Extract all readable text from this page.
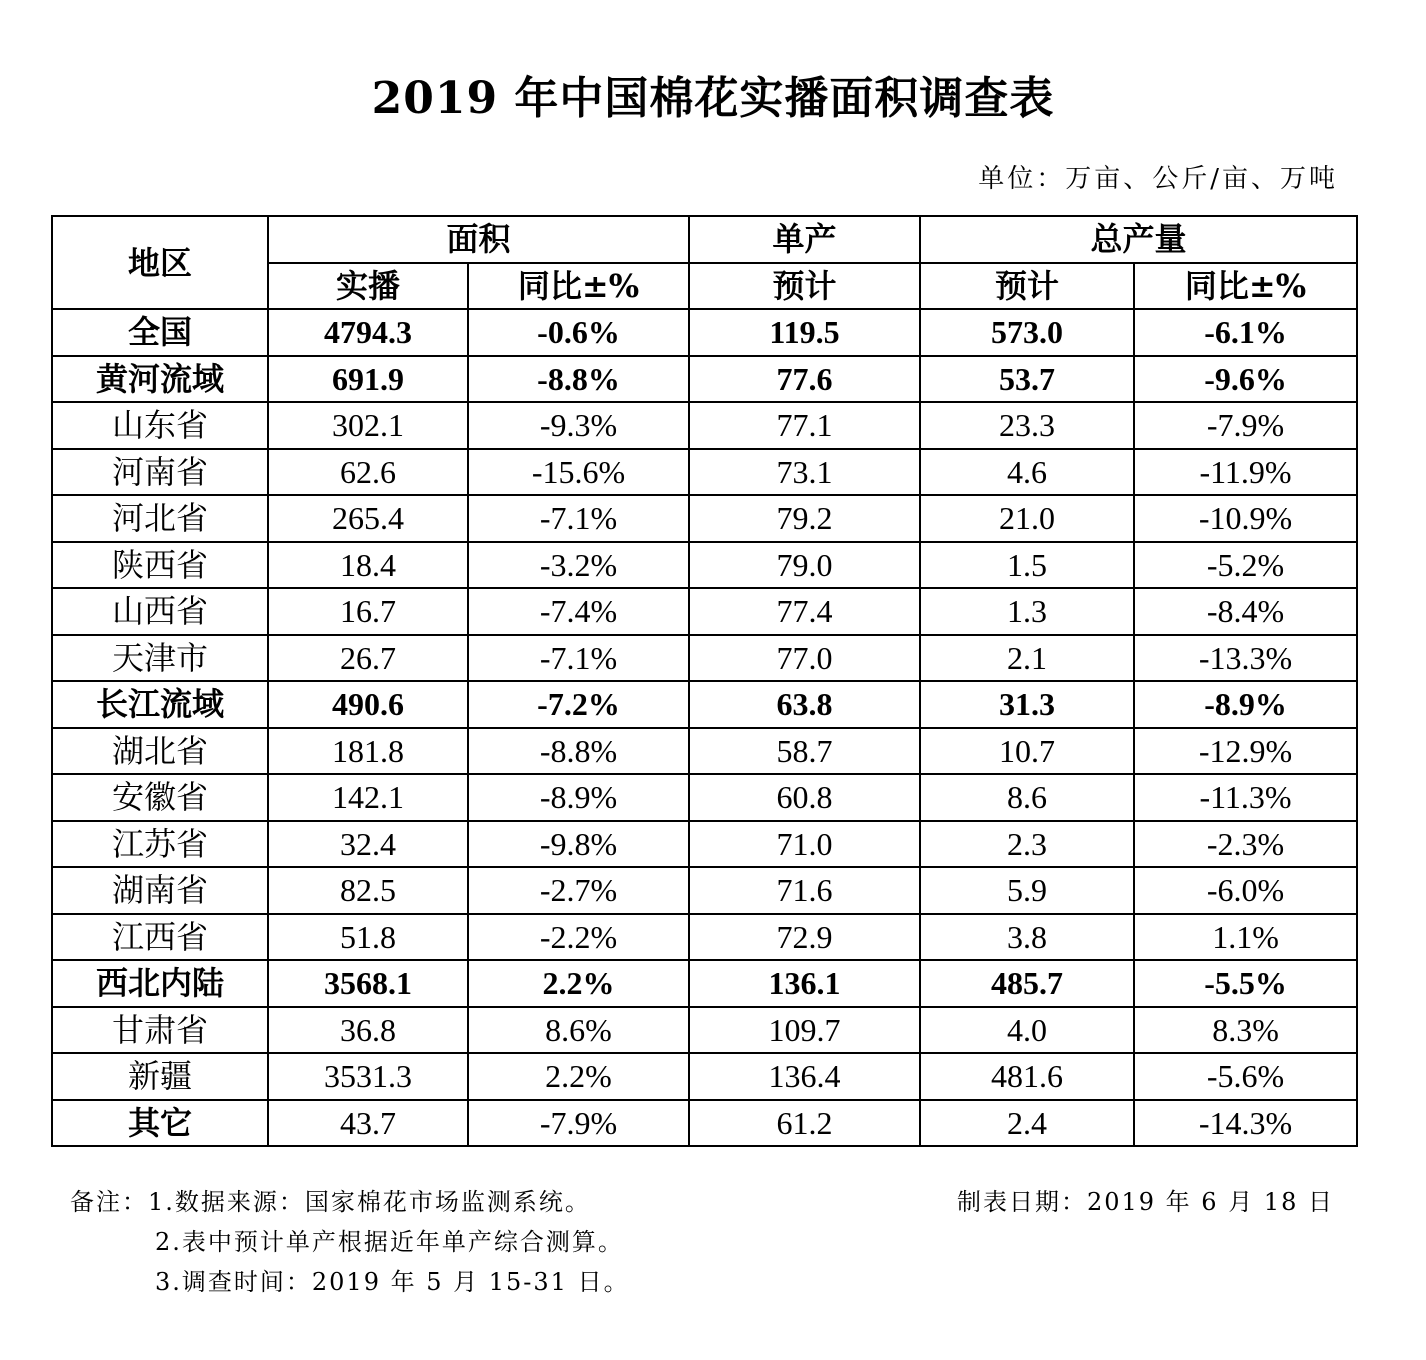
2019 年中国棉花实播面积调查表
单位：万亩、公斤/亩、万吨
地区	面积		单产	总产量	
	实播	同比±%	预计	预计	同比±%
全国	4794.3	-0.6%	119.5	573.0	-6.1%
黄河流域	691.9	-8.8%	77.6	53.7	-9.6%
山东省	302.1	-9.3%	77.1	23.3	-7.9%
河南省	62.6	-15.6%	73.1	4.6	-11.9%
河北省	265.4	-7.1%	79.2	21.0	-10.9%
陕西省	18.4	-3.2%	79.0	1.5	-5.2%
山西省	16.7	-7.4%	77.4	1.3	-8.4%
天津市	26.7	-7.1%	77.0	2.1	-13.3%
长江流域	490.6	-7.2%	63.8	31.3	-8.9%
湖北省	181.8	-8.8%	58.7	10.7	-12.9%
安徽省	142.1	-8.9%	60.8	8.6	-11.3%
江苏省	32.4	-9.8%	71.0	2.3	-2.3%
湖南省	82.5	-2.7%	71.6	5.9	-6.0%
江西省	51.8	-2.2%	72.9	3.8	1.1%
西北内陆	3568.1	2.2%	136.1	485.7	-5.5%
甘肃省	36.8	8.6%	109.7	4.0	8.3%
新疆	3531.3	2.2%	136.4	481.6	-5.6%
其它	43.7	-7.9%	61.2	2.4	-14.3%
备注：1.数据来源：国家棉花市场监测系统。
2.表中预计单产根据近年单产综合测算。
3.调查时间：2019 年 5 月 15-31 日。
制表日期：2019 年 6 月 18 日
